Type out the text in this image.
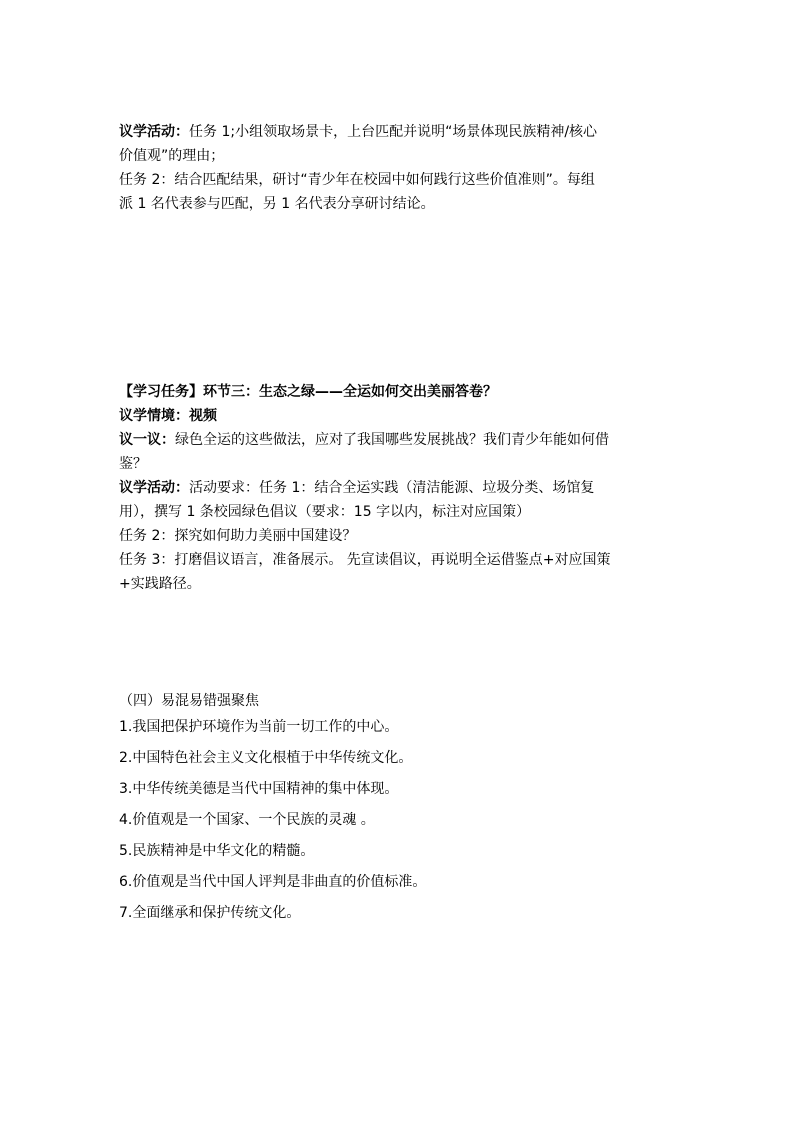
议学活动：任务 1;小组领取场景卡，上台匹配并说明“场景体现民族精神/核心
价值观”的理由；
任务 2：结合匹配结果，研讨“青少年在校园中如何践行这些价值准则”。每组
派 1 名代表参与匹配，另 1 名代表分享研讨结论。
【学习任务】环节三：生态之绿——全运如何交出美丽答卷？
议学情境：视频
议一议：绿色全运的这些做法，应对了我国哪些发展挑战？我们青少年能如何借
鉴？
议学活动：活动要求：任务 1：结合全运实践（清洁能源、垃圾分类、场馆复
用），撰写 1 条校园绿色倡议（要求：15 字以内，标注对应国策）
任务 2：探究如何助力美丽中国建设？
任务 3：打磨倡议语言，准备展示。 先宣读倡议，再说明全运借鉴点+对应国策
+实践路径。
（四）易混易错强聚焦
1.我国把保护环境作为当前一切工作的中心。
2.中国特色社会主义文化根植于中华传统文化。
3.中华传统美德是当代中国精神的集中体现。
4.价值观是一个国家、一个民族的灵魂 。
5.民族精神是中华文化的精髓。
6.价值观是当代中国人评判是非曲直的价值标准。
7.全面继承和保护传统文化。
